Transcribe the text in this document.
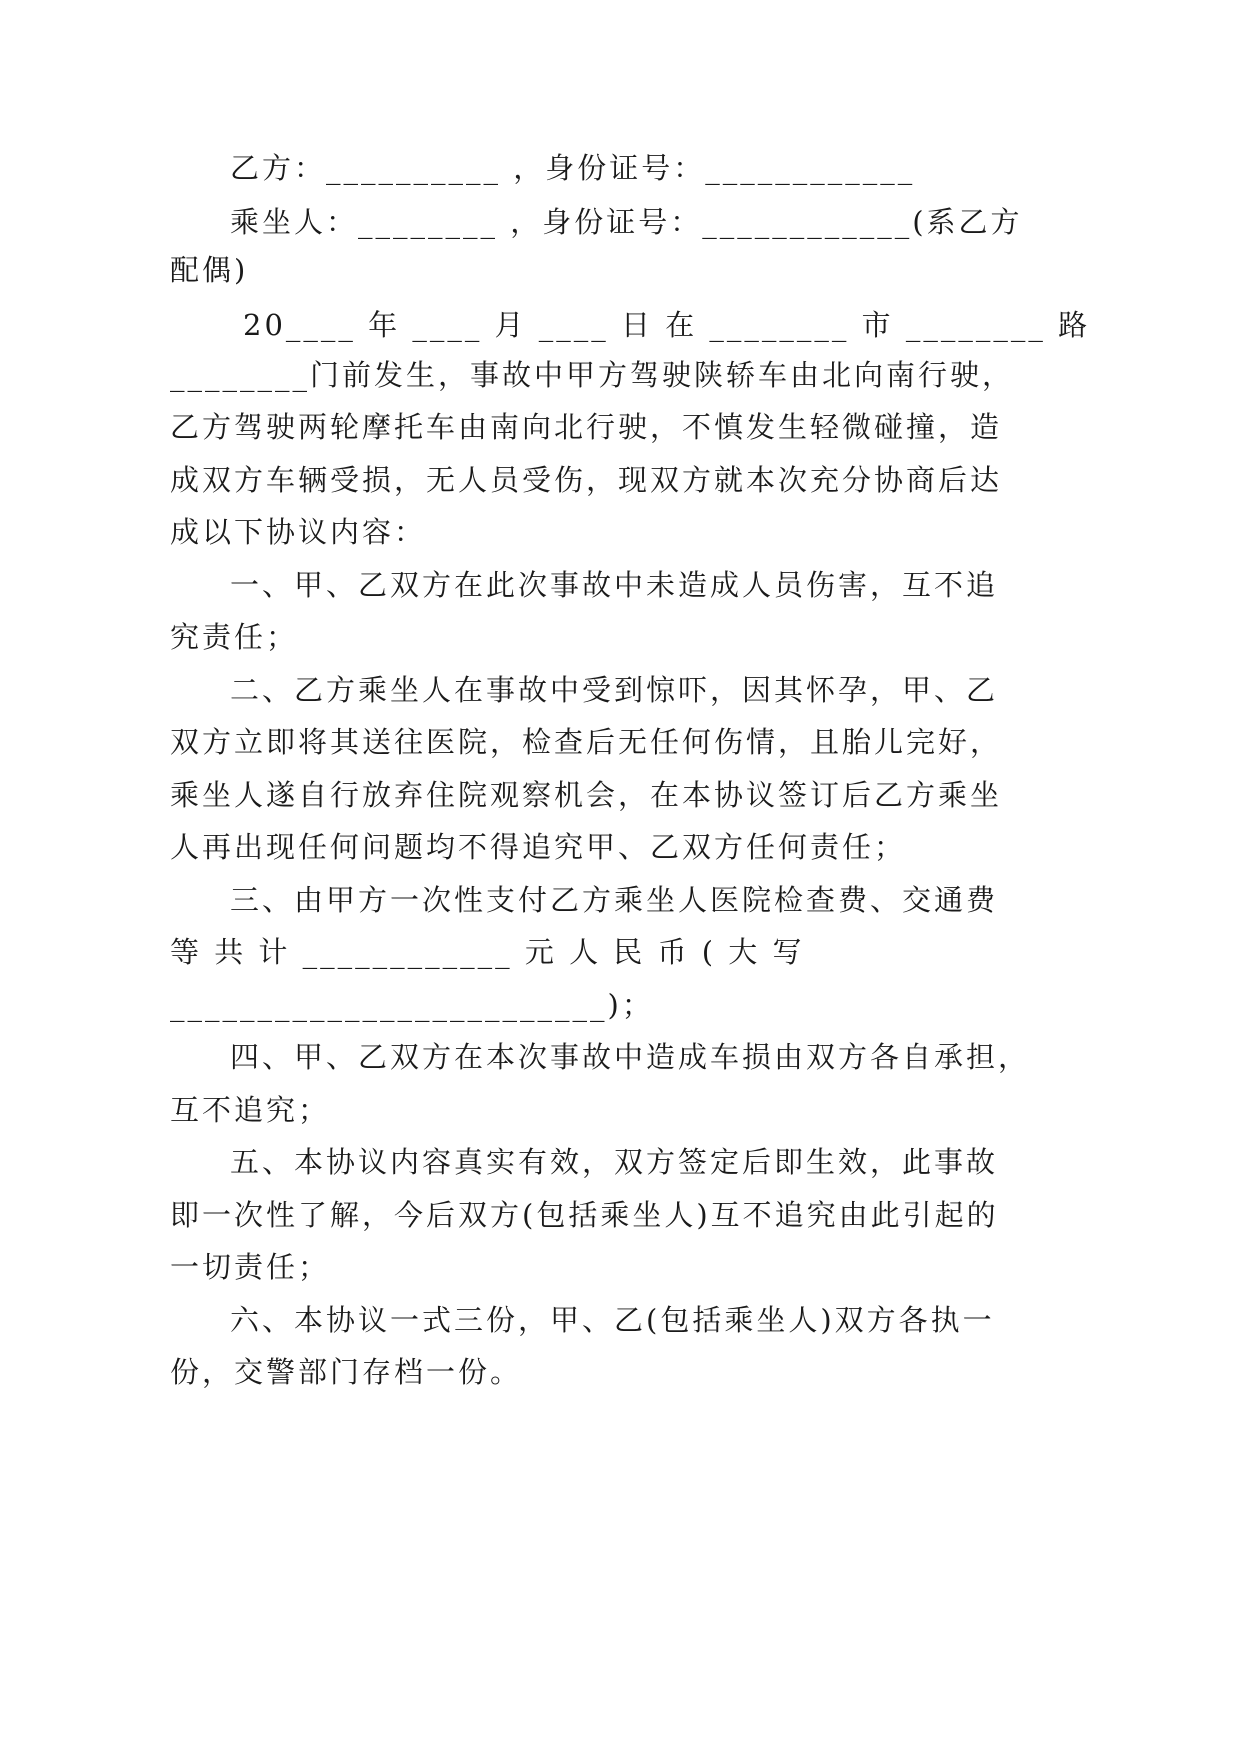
乙方：__________ ，身份证号：____________
乘坐人：________ ，身份证号：____________(系乙方
配偶)
20____ 年 ____ 月 ____ 日 在 ________ 市 ________ 路
________门前发生，事故中甲方驾驶陕轿车由北向南行驶，
乙方驾驶两轮摩托车由南向北行驶，不慎发生轻微碰撞，造
成双方车辆受损，无人员受伤，现双方就本次充分协商后达
成以下协议内容：
一、甲、乙双方在此次事故中未造成人员伤害，互不追
究责任；
二、乙方乘坐人在事故中受到惊吓，因其怀孕，甲、乙
双方立即将其送往医院，检查后无任何伤情，且胎儿完好，
乘坐人遂自行放弃住院观察机会，在本协议签订后乙方乘坐
人再出现任何问题均不得追究甲、乙双方任何责任；
三、由甲方一次性支付乙方乘坐人医院检查费、交通费
等 共 计 ____________ 元 人 民 币 ( 大 写
_________________________)；
四、甲、乙双方在本次事故中造成车损由双方各自承担，
互不追究；
五、本协议内容真实有效，双方签定后即生效，此事故
即一次性了解，今后双方(包括乘坐人)互不追究由此引起的
一切责任；
六、本协议一式三份，甲、乙(包括乘坐人)双方各执一
份，交警部门存档一份。
